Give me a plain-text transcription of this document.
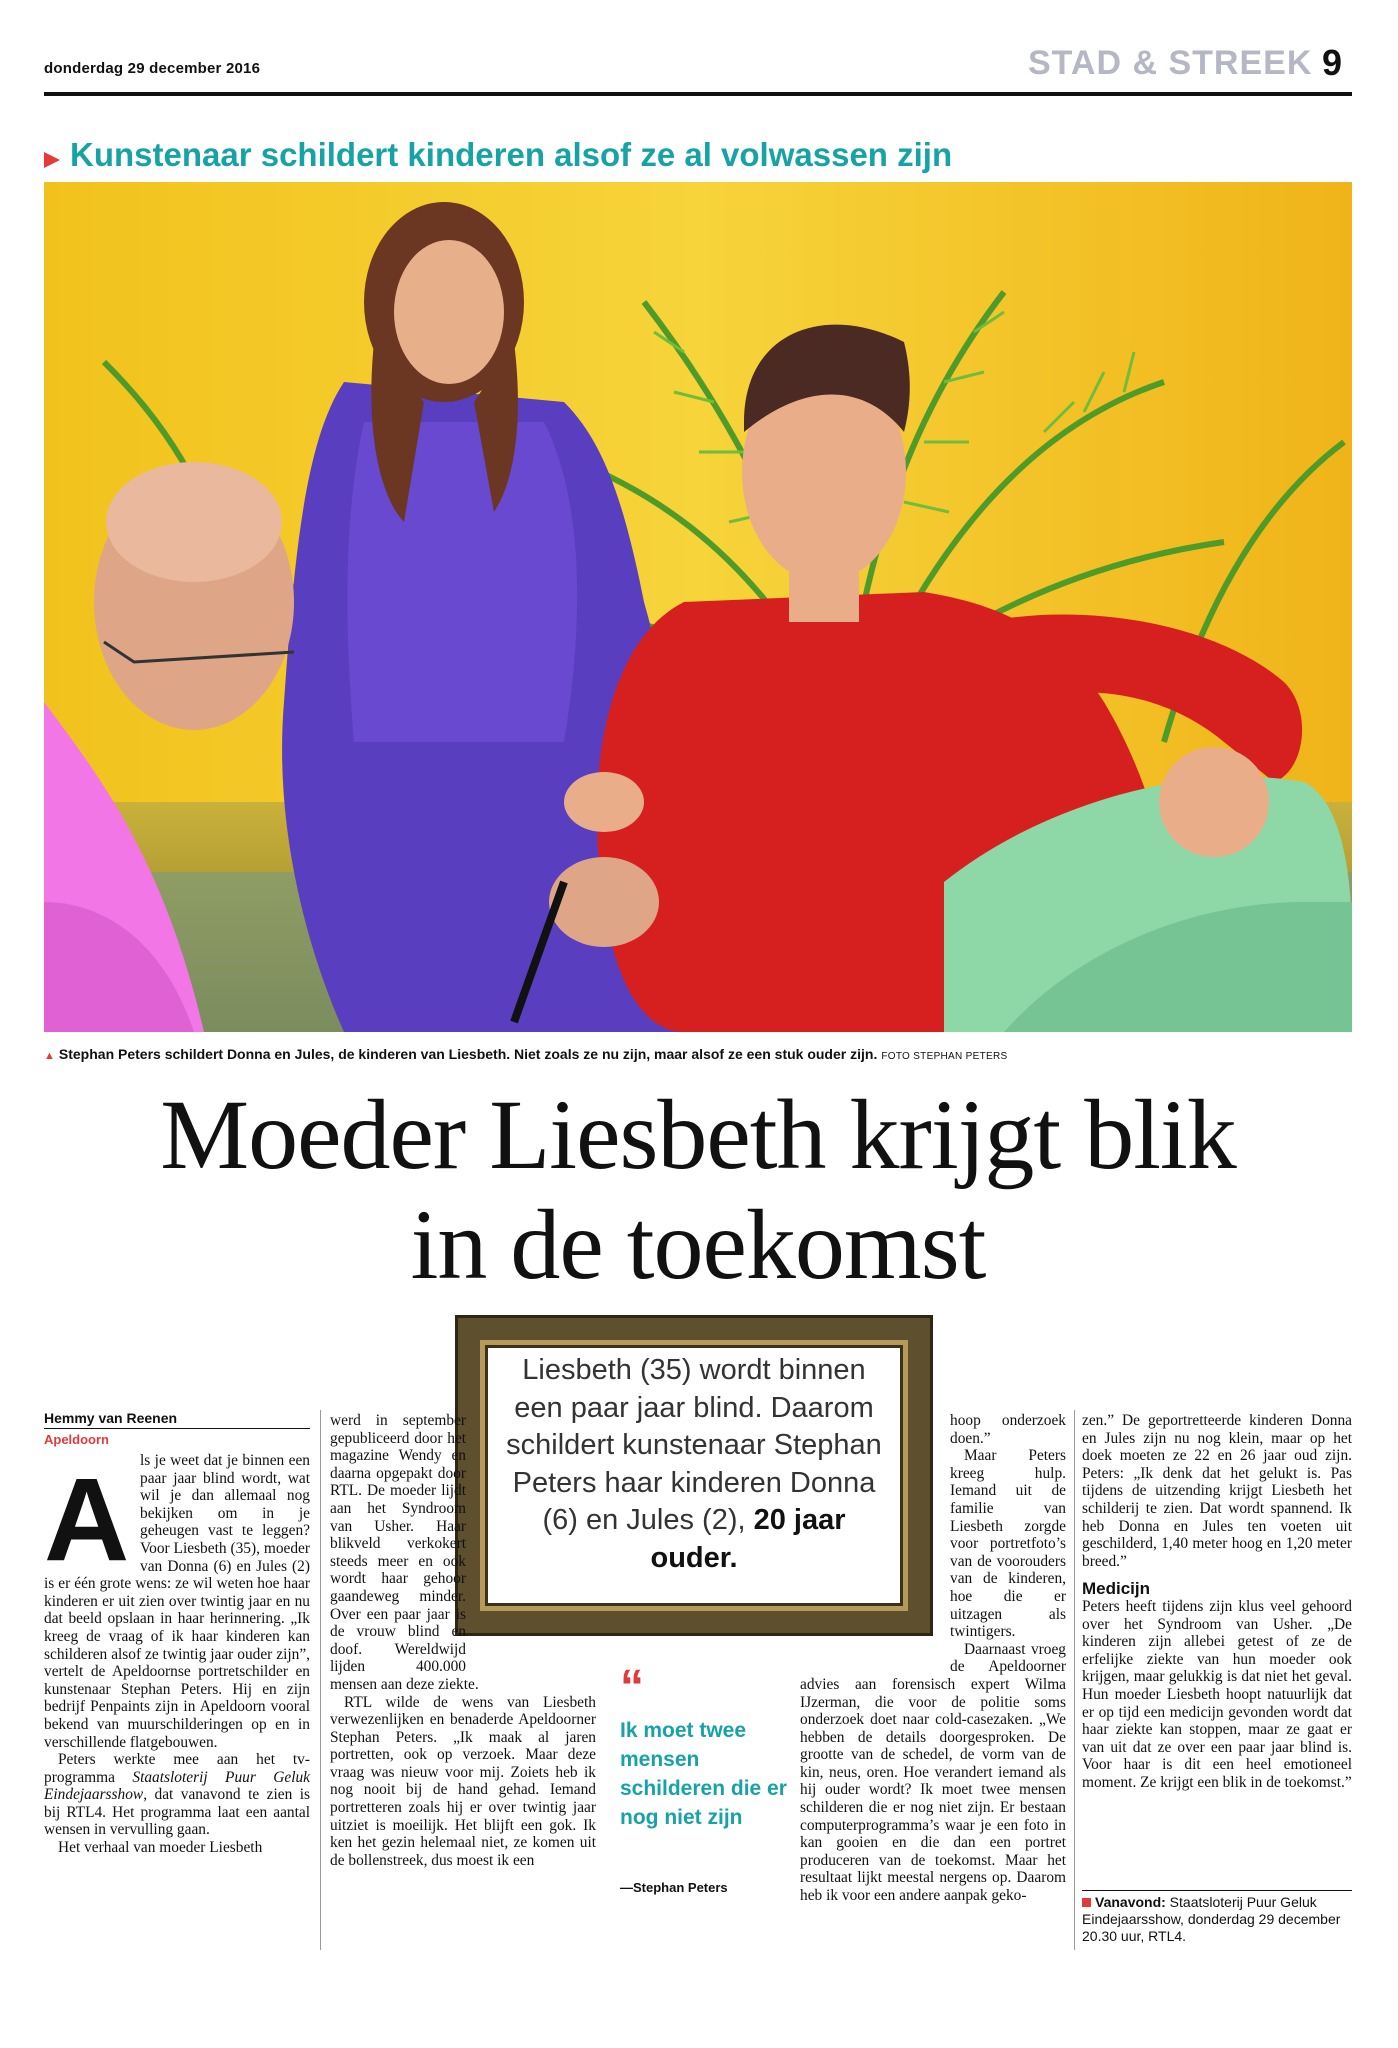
donderdag 29 december 2016	STAD & STREEK 9
Kunstenaar schildert kinderen alsof ze al volwassen zijn
▲ Stephan Peters schildert Donna en Jules, de kinderen van Liesbeth. Niet zoals ze nu zijn, maar alsof ze een stuk ouder zijn. FOTO STEPHAN PETERS
Moeder Liesbeth krijgt blik
in de toekomst
Liesbeth (35) wordt binnen een paar jaar blind. Daarom schildert kunstenaar Stephan Peters haar kinderen Donna (6) en Jules (2), 20 jaar ouder.
Hemmy van Reenen
Apeldoorn
A ls je weet dat je binnen een paar jaar blind wordt, wat wil je dan allemaal nog bekijken om in je geheugen vast te leggen? Voor Liesbeth (35), moeder van Donna (6) en Jules (2) is er één grote wens: ze wil weten hoe haar kinderen er uit zien over twintig jaar en nu dat beeld opslaan in haar herinnering. „Ik kreeg de vraag of ik haar kinderen kan schilderen alsof ze twintig jaar ouder zijn”, vertelt de Apeldoornse portretschilder en kunstenaar Stephan Peters. Hij en zijn bedrijf Penpaints zijn in Apeldoorn vooral bekend van muurschilderingen op en in verschillende flatgebouwen.

Peters werkte mee aan het tv-programma Staatsloterij Puur Geluk Eindejaarsshow, dat vanavond te zien is bij RTL4. Het programma laat een aantal wensen in vervulling gaan.

Het verhaal van moeder Liesbeth

werd in september gepubliceerd door het magazine Wendy en daarna opgepakt door RTL. De moeder lijdt aan het Syndroom van Usher. Haar blikveld verkokert steeds meer en ook wordt haar gehoor gaandeweg minder. Over een paar jaar is de vrouw blind en doof. Wereldwijd lijden 400.000 mensen aan deze ziekte.

RTL wilde de wens van Liesbeth verwezenlijken en benaderde Apeldoorner Stephan Peters. „Ik maak al jaren portretten, ook op verzoek. Maar deze vraag was nieuw voor mij. Zoiets heb ik nog nooit bij de hand gehad. Iemand portretteren zoals hij er over twintig jaar uitziet is moeilijk. Het blijft een gok. Ik ken het gezin helemaal niet, ze komen uit de bollenstreek, dus moest ik een

“
Ik moet twee mensen schilderen die er nog niet zijn
—Stephan Peters

hoop onderzoek doen.”

Maar Peters kreeg hulp. Iemand uit de familie van Liesbeth zorgde voor portretfoto’s van de voorouders van de kinderen, hoe die er uitzagen als twintigers.

Daarnaast vroeg de Apeldoorner advies aan forensisch expert Wilma IJzerman, die voor de politie soms onderzoek doet naar cold-casezaken. „We hebben de details doorgesproken. De grootte van de schedel, de vorm van de kin, neus, oren. Hoe verandert iemand als hij ouder wordt? Ik moet twee mensen schilderen die er nog niet zijn. Er bestaan computerprogramma’s waar je een foto in kan gooien en die dan een portret produceren van de toekomst. Maar het resultaat lijkt meestal nergens op. Daarom heb ik voor een andere aanpak geko-

zen.” De geportretteerde kinderen Donna en Jules zijn nu nog klein, maar op het doek moeten ze 22 en 26 jaar oud zijn. Peters: „Ik denk dat het gelukt is. Pas tijdens de uitzending krijgt Liesbeth het schilderij te zien. Dat wordt spannend. Ik heb Donna en Jules ten voeten uit geschilderd, 1,40 meter hoog en 1,20 meter breed.”

Medicijn

Peters heeft tijdens zijn klus veel gehoord over het Syndroom van Usher. „De kinderen zijn allebei getest of ze de erfelijke ziekte van hun moeder ook krijgen, maar gelukkig is dat niet het geval. Hun moeder Liesbeth hoopt natuurlijk dat er op tijd een medicijn gevonden wordt dat haar ziekte kan stoppen, maar ze gaat er van uit dat ze over een paar jaar blind is. Voor haar is dit een heel emotioneel moment. Ze krijgt een blik in de toekomst.”

Vanavond: Staatsloterij Puur Geluk Eindejaarsshow, donderdag 29 december 20.30 uur, RTL4.
